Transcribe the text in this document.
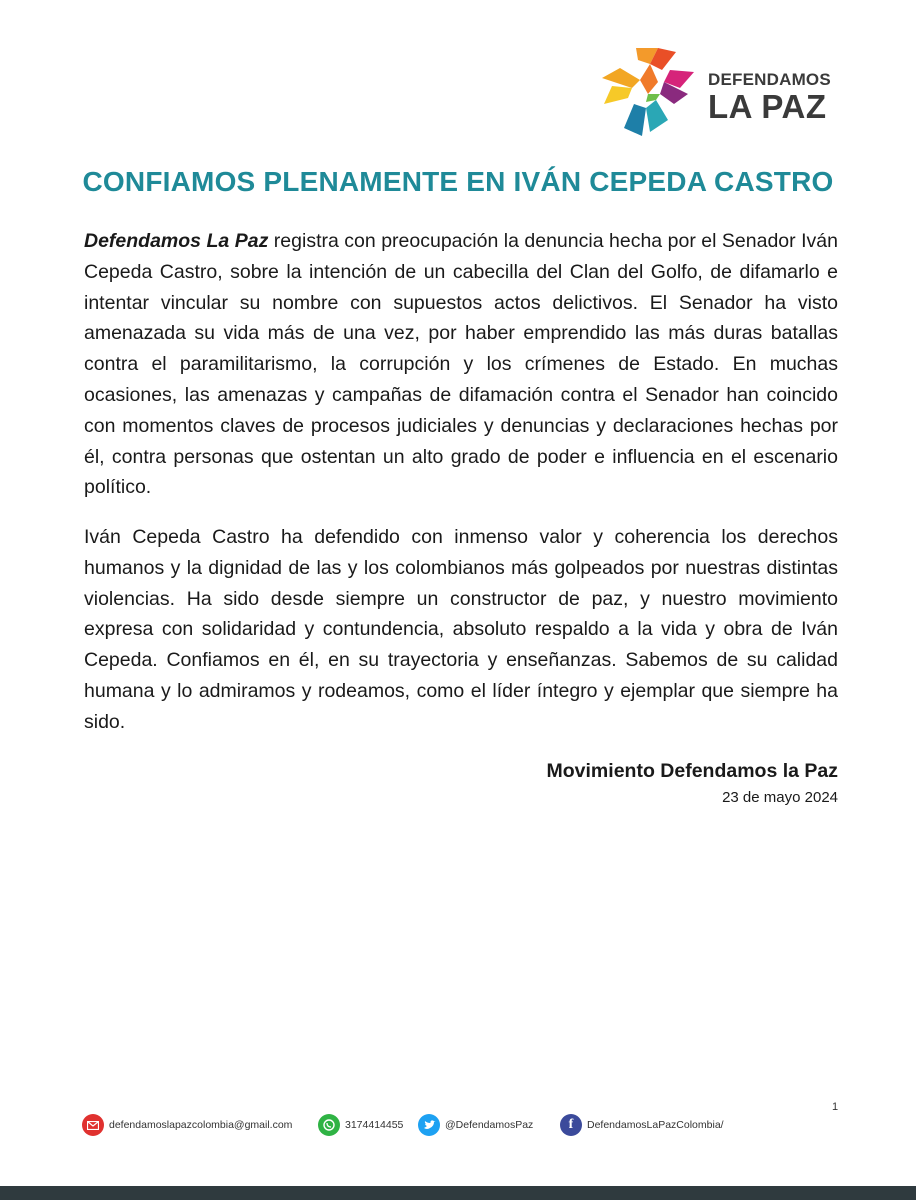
DEFENDAMOS
LA PAZ
CONFIAMOS PLENAMENTE EN IVÁN CEPEDA CASTRO
Defendamos La Paz registra con preocupación la denuncia hecha por el Senador Iván Cepeda Castro, sobre la intención de un cabecilla del Clan del Golfo, de difamarlo e intentar vincular su nombre con supuestos actos delictivos. El Senador ha visto amenazada su vida más de una vez, por haber emprendido las más duras batallas contra el paramilitarismo, la corrupción y los crímenes de Estado. En muchas ocasiones, las amenazas y campañas de difamación contra el Senador han coincido con momentos claves de procesos judiciales y denuncias y declaraciones hechas por él, contra personas que ostentan un alto grado de poder e influencia en el escenario político.
Iván Cepeda Castro ha defendido con inmenso valor y coherencia los derechos humanos y la dignidad de las y los colombianos más golpeados por nuestras distintas violencias. Ha sido desde siempre un constructor de paz, y nuestro movimiento expresa con solidaridad y contundencia, absoluto respaldo a la vida y obra de Iván Cepeda. Confiamos en él, en su trayectoria y enseñanzas. Sabemos de su calidad humana y lo admiramos y rodeamos, como el líder íntegro y ejemplar que siempre ha sido.
Movimiento Defendamos la Paz
23 de mayo 2024
1
defendamoslapazcolombia@gmail.com	3174414455	@DefendamosPaz	f	DefendamosLaPazColombia/
